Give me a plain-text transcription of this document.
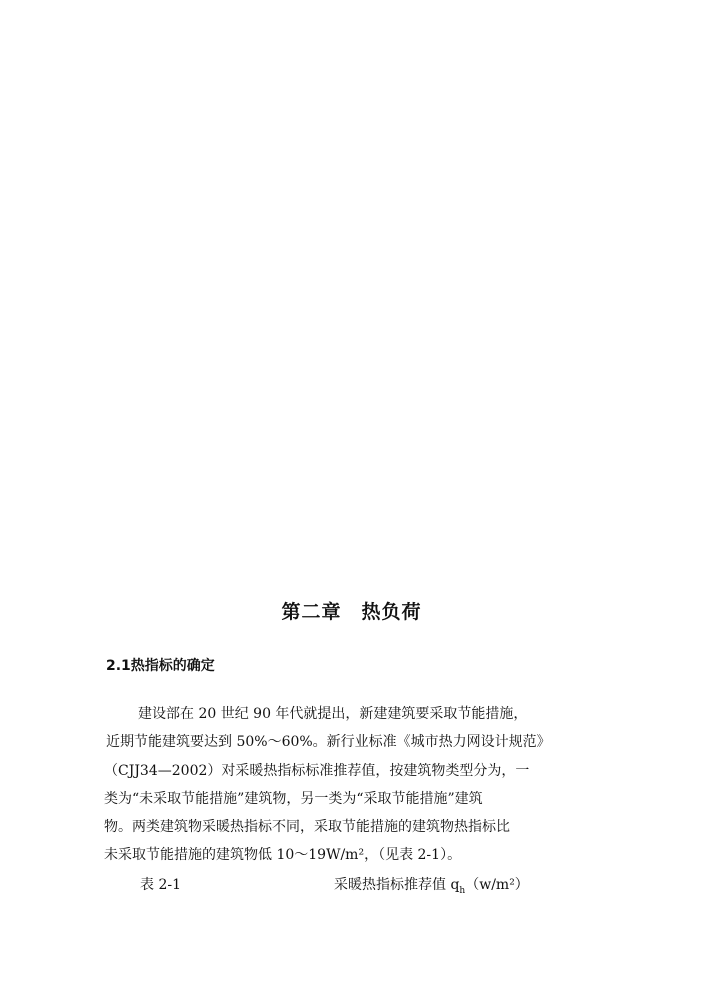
第二章　热负荷
2.1热指标的确定
建设部在 20 世纪 90 年代就提出，新建建筑要采取节能措施，
近期节能建筑要达到 50%～60%。新行业标准《城市热力网设计规范》
（CJJ34—2002）对采暖热指标标准推荐值，按建筑物类型分为，一
类为“未采取节能措施”建筑物，另一类为“采取节能措施”建筑
物。两类建筑物采暖热指标不同，采取节能措施的建筑物热指标比
未采取节能措施的建筑物低 10～19W/m²，（见表 2-1）。
表 2-1	采暖热指标推荐值 $q_h(w/m^2)$
